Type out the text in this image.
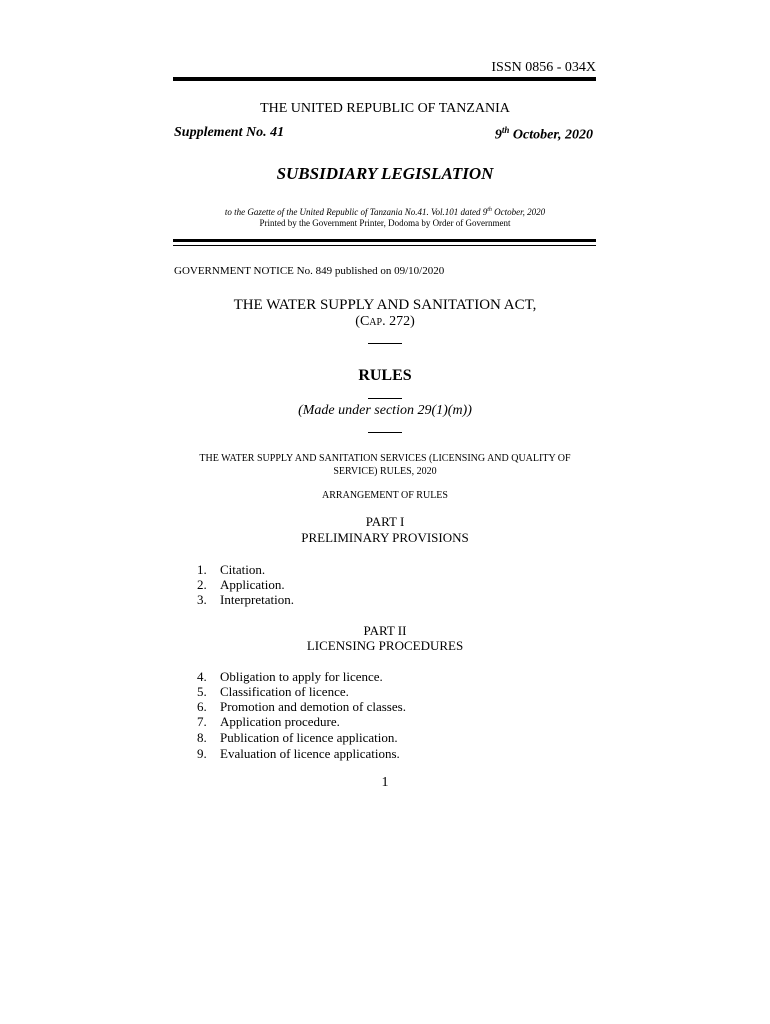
ISSN 0856 - 034X
THE UNITED REPUBLIC OF TANZANIA
Supplement No. 41	9th October, 2020
SUBSIDIARY LEGISLATION
to the Gazette of the United Republic of Tanzania No.41. Vol.101 dated 9th October, 2020
Printed by the Government Printer, Dodoma by Order of Government
GOVERNMENT NOTICE No. 849 published on 09/10/2020
THE WATER SUPPLY AND SANITATION ACT,
(Cap. 272)
RULES
(Made under section 29(1)(m))
THE WATER SUPPLY AND SANITATION SERVICES (LICENSING AND QUALITY OF
SERVICE) RULES, 2020
ARRANGEMENT OF RULES
PART I
PRELIMINARY PROVISIONS
1. Citation.
2. Application.
3. Interpretation.
PART II
LICENSING PROCEDURES
4. Obligation to apply for licence.
5. Classification of licence.
6. Promotion and demotion of classes.
7. Application procedure.
8. Publication of licence application.
9. Evaluation of licence applications.
1
